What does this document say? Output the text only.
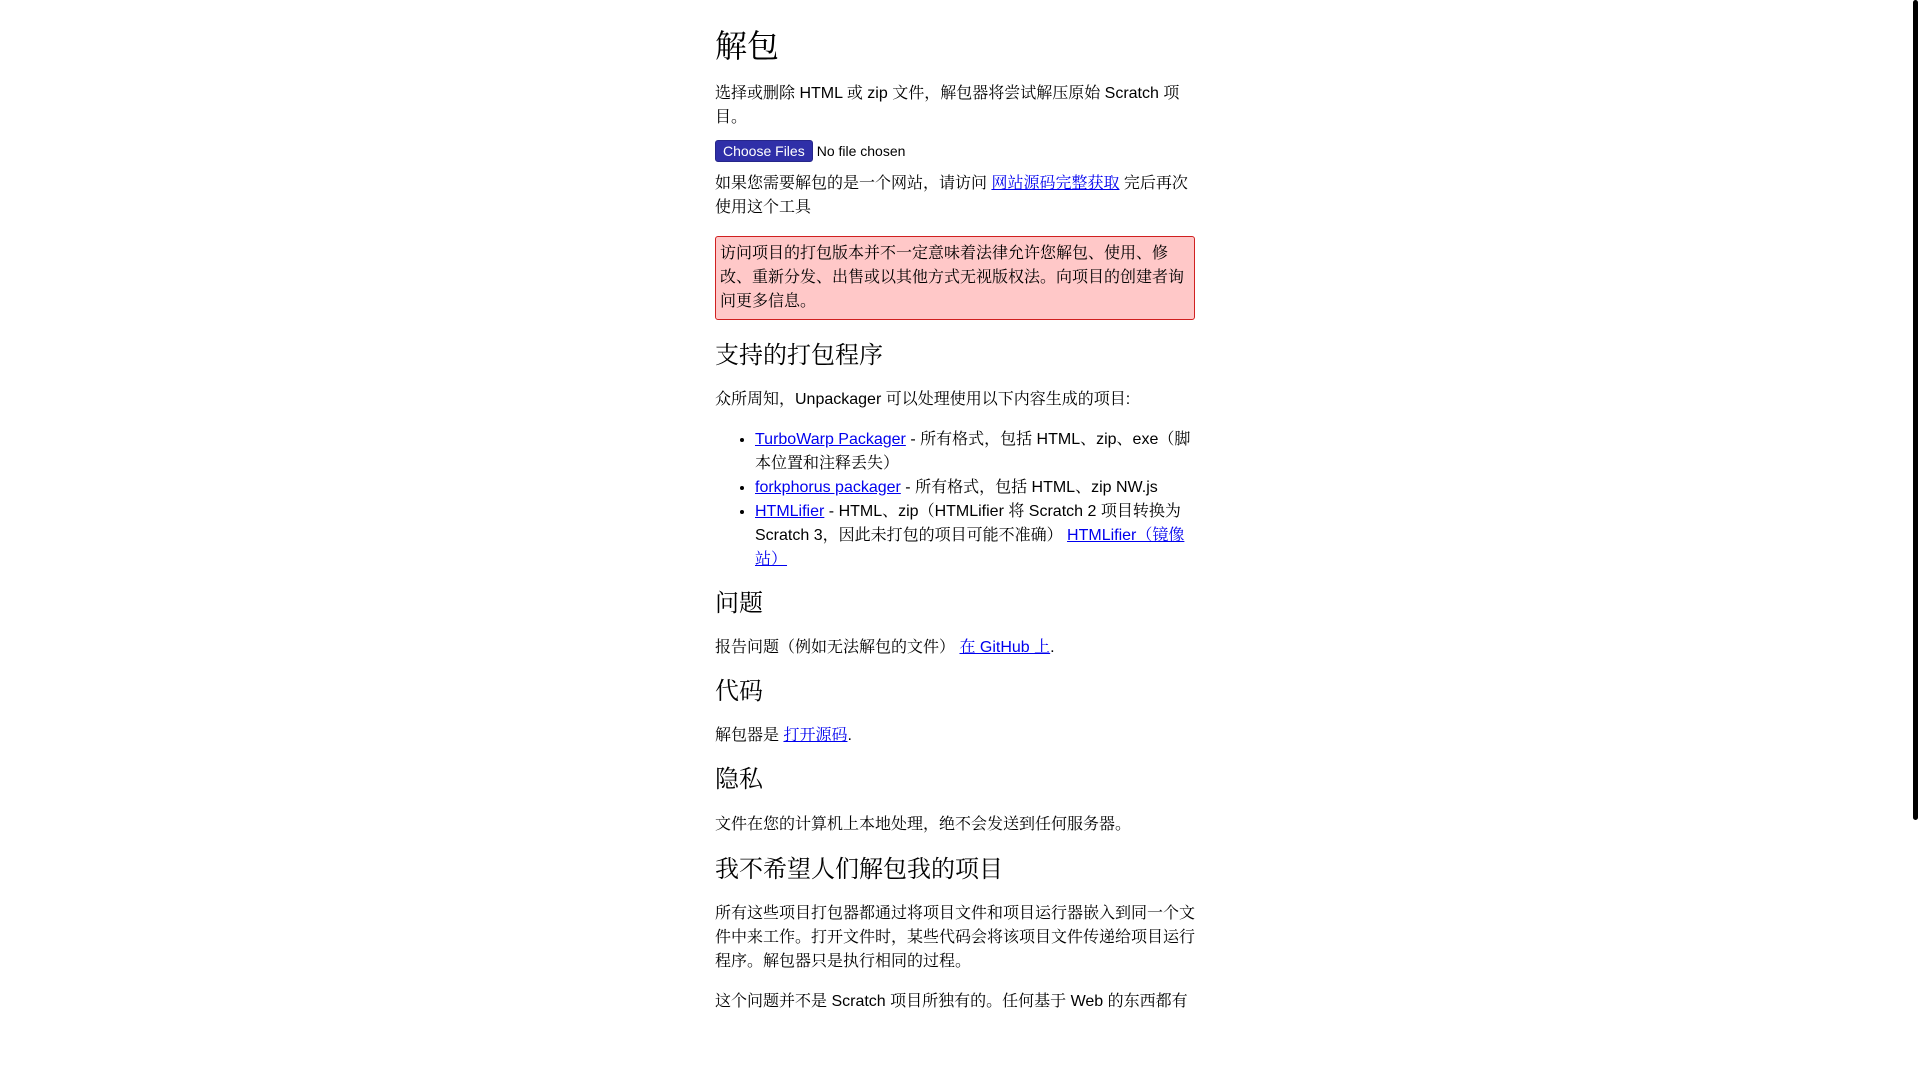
解包

选择或删除 HTML 或 zip 文件，解包器将尝试解压原始 Scratch 项目。

Choose Files No file chosen

如果您需要解包的是一个网站，请访问 网站源码完整获取 完后再次使用这个工具

访问项目的打包版本并不一定意味着法律允许您解包、使用、修改、重新分发、出售或以其他方式无视版权法。向项目的创建者询问更多信息。
支持的打包程序

众所周知，Unpackager 可以处理使用以下内容生成的项目:

• TurboWarp Packager - 所有格式，包括 HTML、zip、exe（脚本位置和注释丢失）
• forkphorus packager - 所有格式，包括 HTML、zip NW.js
• HTMLifier - HTML、zip（HTMLifier 将 Scratch 2 项目转换为 Scratch 3，因此未打包的项目可能不准确） HTMLifier（镜像站）
问题

报告问题（例如无法解包的文件） 在 GitHub 上.

代码

解包器是 打开源码.

隐私

文件在您的计算机上本地处理，绝不会发送到任何服务器。

我不希望人们解包我的项目

所有这些项目打包器都通过将项目文件和项目运行器嵌入到同一个文件中来工作。打开文件时，某些代码会将该项目文件传递给项目运行程序。解包器只是执行相同的过程。

这个问题并不是 Scratch 项目所独有的。任何基于 Web 的东西都有
